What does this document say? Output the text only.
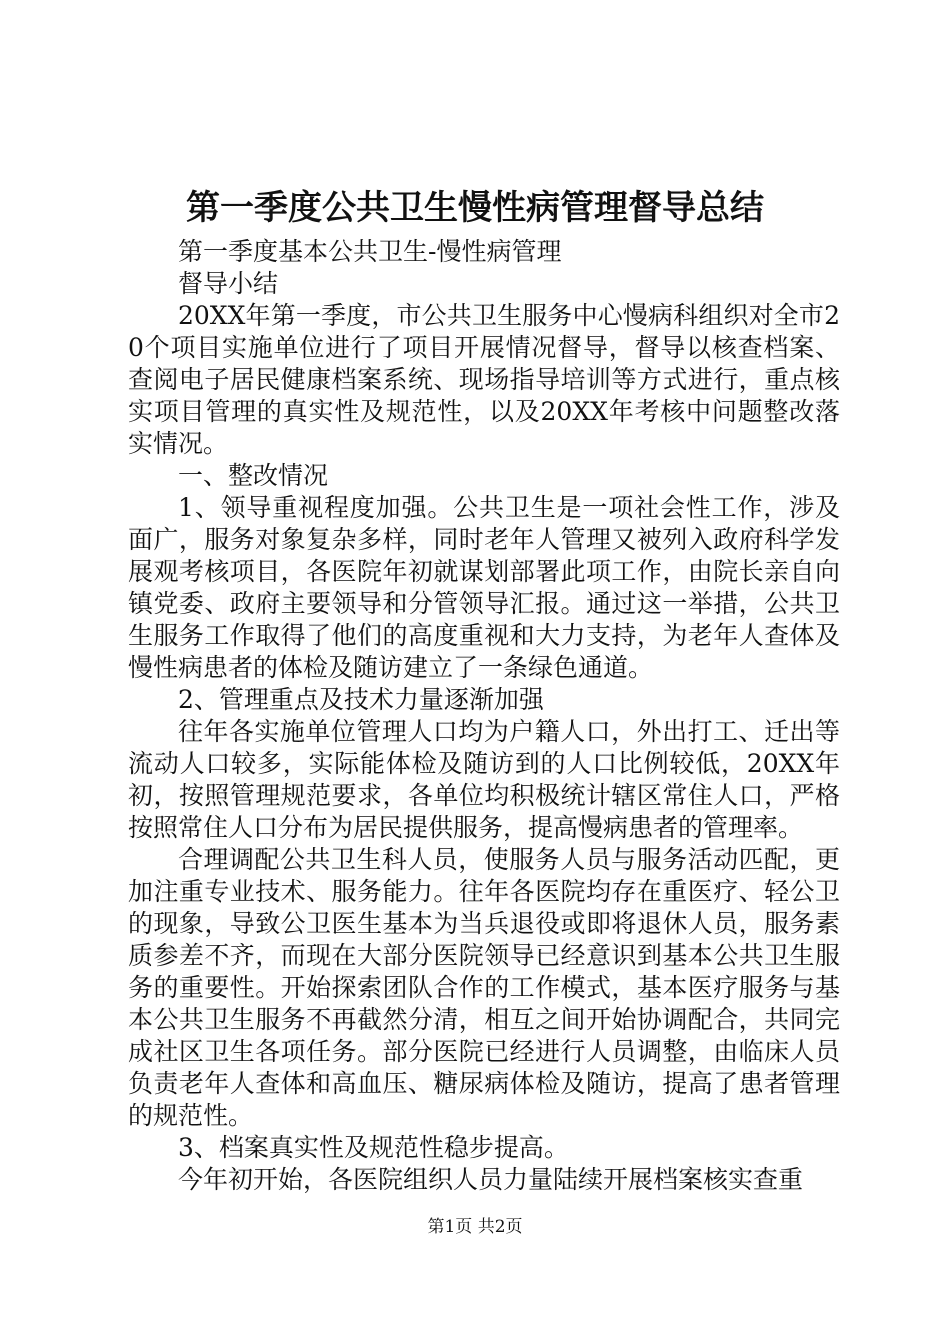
第一季度公共卫生慢性病管理督导总结

第一季度基本公共卫生-慢性病管理

督导小结

20XX年第一季度，市公共卫生服务中心慢病科组织对全市20个项目实施单位进行了项目开展情况督导，督导以核查档案、查阅电子居民健康档案系统、现场指导培训等方式进行，重点核实项目管理的真实性及规范性，以及20XX年考核中问题整改落实情况。

一、整改情况

1、领导重视程度加强。公共卫生是一项社会性工作，涉及面广，服务对象复杂多样，同时老年人管理又被列入政府科学发展观考核项目，各医院年初就谋划部署此项工作，由院长亲自向镇党委、政府主要领导和分管领导汇报。通过这一举措，公共卫生服务工作取得了他们的高度重视和大力支持，为老年人查体及慢性病患者的体检及随访建立了一条绿色通道。

2、管理重点及技术力量逐渐加强

往年各实施单位管理人口均为户籍人口，外出打工、迁出等流动人口较多，实际能体检及随访到的人口比例较低，20XX年初，按照管理规范要求，各单位均积极统计辖区常住人口，严格按照常住人口分布为居民提供服务，提高慢病患者的管理率。

合理调配公共卫生科人员，使服务人员与服务活动匹配，更加注重专业技术、服务能力。往年各医院均存在重医疗、轻公卫的现象，导致公卫医生基本为当兵退役或即将退休人员，服务素质参差不齐，而现在大部分医院领导已经意识到基本公共卫生服务的重要性。开始探索团队合作的工作模式，基本医疗服务与基本公共卫生服务不再截然分清，相互之间开始协调配合，共同完成社区卫生各项任务。部分医院已经进行人员调整，由临床人员负责老年人查体和高血压、糖尿病体检及随访，提高了患者管理的规范性。

3、档案真实性及规范性稳步提高。

今年初开始，各医院组织人员力量陆续开展档案核实查重

第1页 共2页
